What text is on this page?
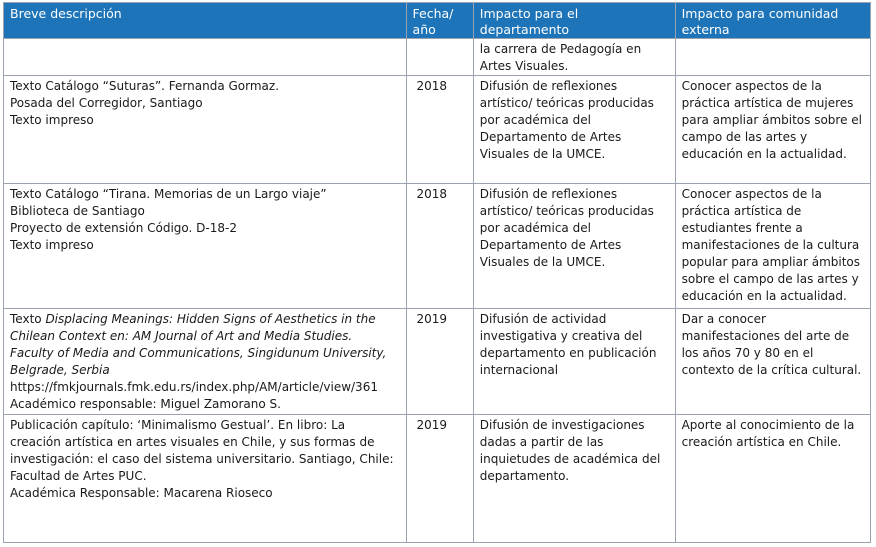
Breve descripción	Fecha/ año	Impacto para el departamento	Impacto para comunidad externa
		la carrera de Pedagogía en Artes Visuales.	

Texto Catálogo “Suturas”. Fernanda Gormaz.
Posada del Corregidor, Santiago
Texto impreso	2018	Difusión de reflexiones artístico/ teóricas producidas por académica del Departamento de Artes Visuales de la UMCE.	Conocer aspectos de la práctica artística de mujeres para ampliar ámbitos sobre el campo de las artes y educación en la actualidad.

Texto Catálogo “Tirana. Memorias de un Largo viaje”
Biblioteca de Santiago
Proyecto de extensión Código. D-18-2
Texto impreso	2018	Difusión de reflexiones artístico/ teóricas producidas por académica del Departamento de Artes Visuales de la UMCE.	Conocer aspectos de la práctica artística de estudiantes frente a manifestaciones de la cultura popular para ampliar ámbitos sobre el campo de las artes y educación en la actualidad.
Texto Displacing Meanings: Hidden Signs of Aesthetics in the Chilean Context en: AM Journal of Art and Media Studies. Faculty of Media and Communications, Singidunum University, Belgrade, Serbia
https://fmkjournals.fmk.edu.rs/index.php/AM/article/view/361
Académico responsable: Miguel Zamorano S.	2019	Difusión de actividad investigativa y creativa del departamento en publicación internacional	Dar a conocer manifestaciones del arte de los años 70 y 80 en el contexto de la crítica cultural.

Publicación capítulo: ‘Minimalismo Gestual’. En libro: La creación artística en artes visuales en Chile, y sus formas de investigación: el caso del sistema universitario. Santiago, Chile: Facultad de Artes PUC.
Académica Responsable: Macarena Rioseco	2019	Difusión de investigaciones dadas a partir de las inquietudes de académica del departamento.	Aporte al conocimiento de la creación artística en Chile.
